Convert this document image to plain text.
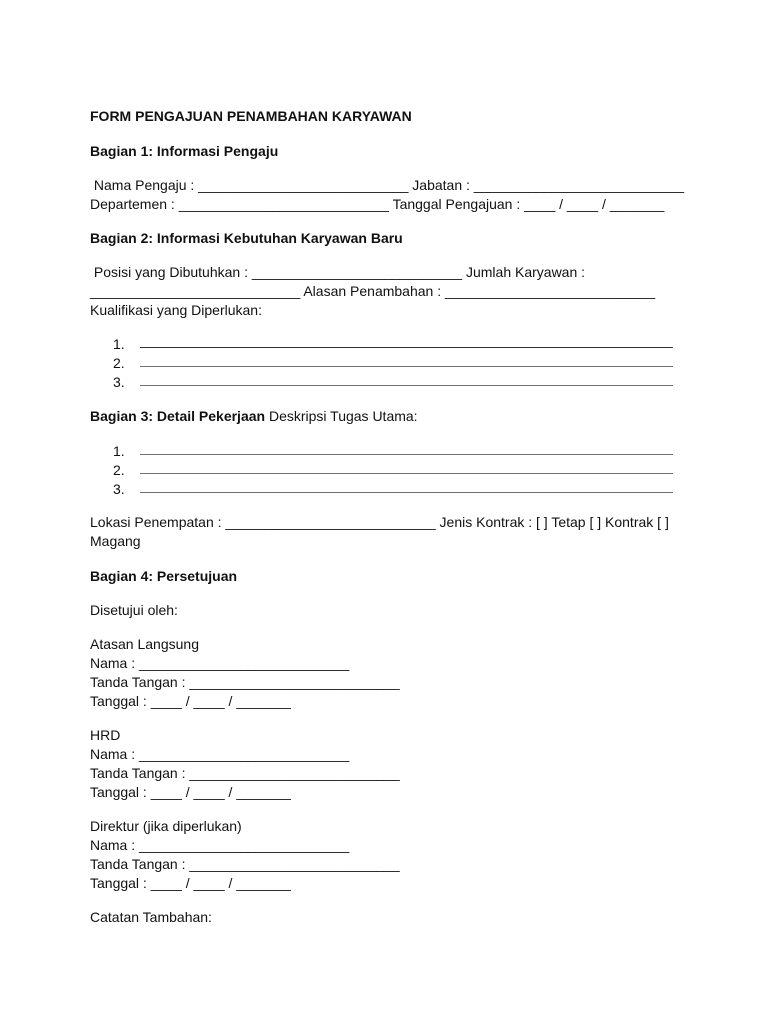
FORM PENGAJUAN PENAMBAHAN KARYAWAN
Bagian 1: Informasi Pengaju
Nama Pengaju : ___________________________ Jabatan : ___________________________
Departemen : ___________________________ Tanggal Pengajuan : ____ / ____ / _______
Bagian 2: Informasi Kebutuhan Karyawan Baru
Posisi yang Dibutuhkan : ___________________________ Jumlah Karyawan :
___________________________ Alasan Penambahan : ___________________________
Kualifikasi yang Diperlukan:
1.
2.
3.
Bagian 3: Detail Pekerjaan Deskripsi Tugas Utama:
1.
2.
3.
Lokasi Penempatan : ___________________________ Jenis Kontrak : [ ] Tetap [ ] Kontrak [ ]
Magang
Bagian 4: Persetujuan
Disetujui oleh:
Atasan Langsung
Nama : ___________________________
Tanda Tangan : ___________________________
Tanggal : ____ / ____ / _______
HRD
Nama : ___________________________
Tanda Tangan : ___________________________
Tanggal : ____ / ____ / _______
Direktur (jika diperlukan)
Nama : ___________________________
Tanda Tangan : ___________________________
Tanggal : ____ / ____ / _______
Catatan Tambahan:
